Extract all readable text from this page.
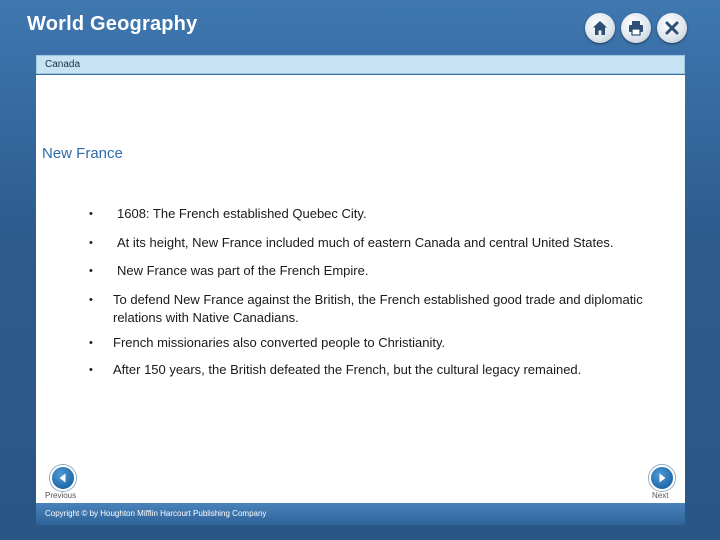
World Geography
Canada
New France
• 1608: The French established Quebec City.
• At its height, New France included much of eastern Canada and central United States.
• New France was part of the French Empire.
• To defend New France against the British, the French established good trade and diplomatic relations with Native Canadians.
• French missionaries also converted people to Christianity.
• After 150 years, the British defeated the French, but the cultural legacy remained.
Previous	Next
Copyright © by Houghton Mifflin Harcourt Publishing Company
